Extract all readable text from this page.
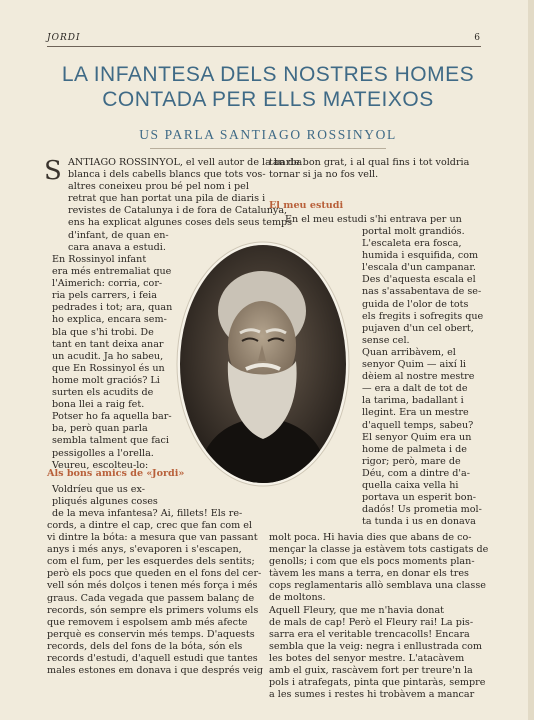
JORDI	6
LA INFANTESA DELS NOSTRES HOMES
CONTADA PER ELLS MATEIXOS
US PARLA SANTIAGO ROSSINYOL
S ANTIAGO ROSSINYOL, el vell autor de la barba
blanca i dels cabells blancs que tots vos-
altres coneixeu prou bé pel nom i pel
retrat que han portat una pila de diaris i
revistes de Catalunya i de fora de Catalunya,
ens ha explicat algunes coses dels seus temps
d'infant, de quan en-
cara anava a estudi.
En Rossinyol infant
era més entremaliat que
l'Aimerich: corria, cor-
ria pels carrers, i feia
pedrades i tot; ara, quan
ho explica, encara sem-
bla que s'hi trobi. De
tant en tant deixa anar
un acudit. Ja ho sabeu,
que En Rossinyol és un
home molt graciós? Li
surten els acudits de
bona llei a raig fet.
Potser ho fa aquella bar-
ba, però quan parla
sembla talment que faci
pessigolles a l'orella.
Veureu, escolteu-lo:
Als bons amics de «Jordi»
Voldríeu que us ex-
pliqués algunes coses
de la meva infantesa? Ai, fillets! Els re-
cords, a dintre el cap, crec que fan com el
vi dintre la bóta: a mesura que van passant
anys i més anys, s'evaporen i s'escapen,
com el fum, per les esquerdes dels sentits;
però els pocs que queden en el fons del cer-
vell són més dolços i tenen més força i més
graus. Cada vegada que passem balanç de
records, són sempre els primers volums els
que removem i espolsem amb més afecte
perquè es conservin més temps. D'aquests
records, dels del fons de la bóta, són els
records d'estudi, d'aquell estudi que tantes
males estones em donava i que després veig
tan de bon grat, i al qual fins i tot voldria
tornar si ja no fos vell.
El meu estudi
En el meu estudi s'hi entrava per un
portal molt grandiós.
L'escaleta era fosca,
humida i esquifida, com
l'escala d'un campanar.
Des d'aquesta escala el
nas s'assabentava de se-
guida de l'olor de tots
els fregits i sofregits que
pujaven d'un cel obert,
sense cel.
Quan arribàvem, el
senyor Quim — així li
dèiem al nostre mestre
— era a dalt de tot de
la tarima, badallant i
llegint. Era un mestre
d'aquell temps, sabeu?
El senyor Quim era un
home de palmeta i de
rigor; però, mare de
Déu, com a dintre d'a-
quella caixa vella hi
portava un esperit bon-
dadós! Us prometia mol-
ta tunda i us en donava
molt poca. Hi havia dies que abans de co-
mençar la classe ja estàvem tots castigats de
genolls; i com que els pocs moments plan-
tàvem les mans a terra, en donar els tres
cops reglamentaris allò semblava una classe
de moltons.
Aquell Fleury, que me n'havia donat
de mals de cap! Però el Fleury rai! La pis-
sarra era el veritable trencacolls! Encara
sembla que la veig: negra i enllustrada com
les botes del senyor mestre. L'atacàvem
amb el guix, rascàvem fort per treure'n la
pols i atrafegats, pinta que pintaràs, sempre
a les sumes i restes hi trobàvem a mancar
